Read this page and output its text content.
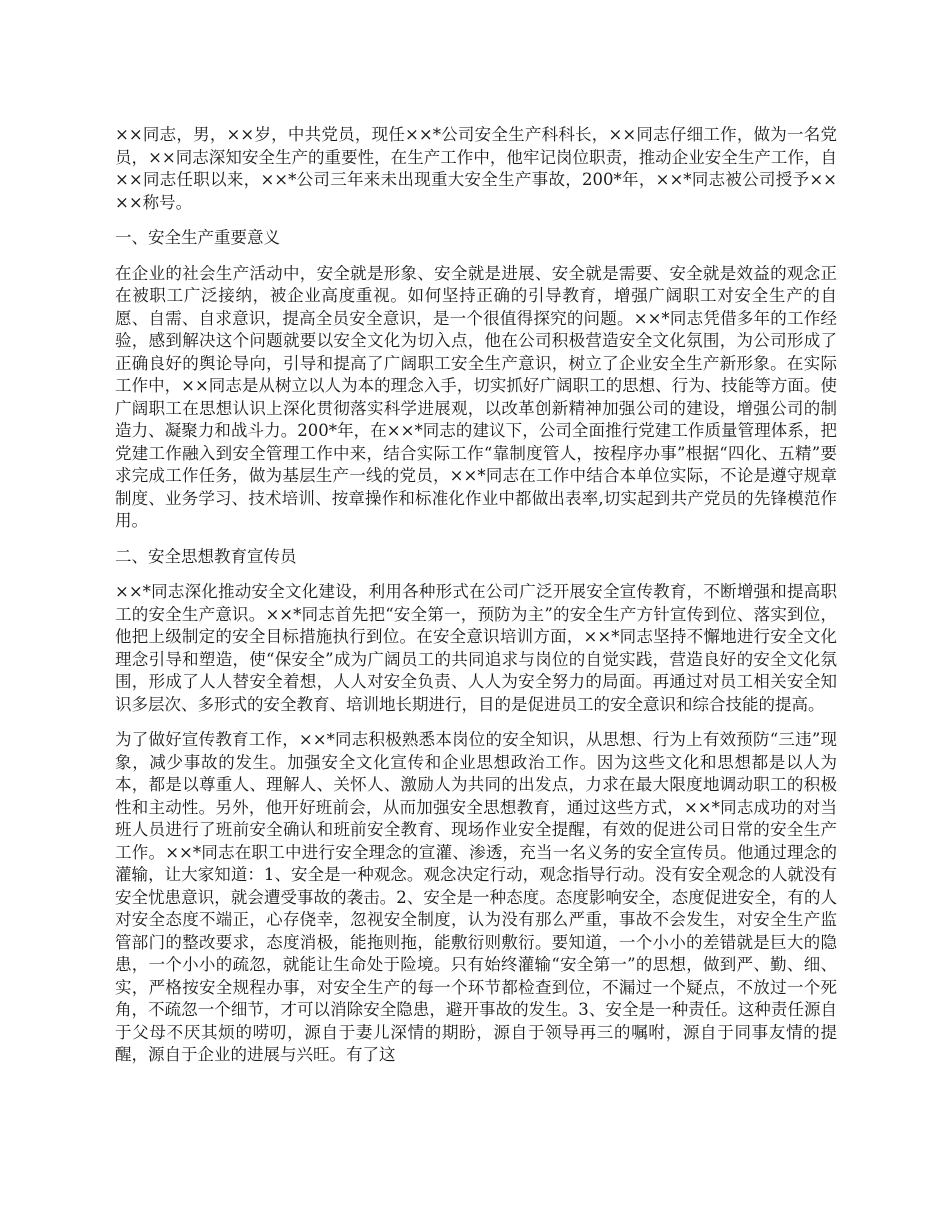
××同志，男，××岁，中共党员，现任××*公司安全生产科科长，××同志仔细工作，做为一名党员，××同志深知安全生产的重要性，在生产工作中，他牢记岗位职责，推动企业安全生产工作，自××同志任职以来，××*公司三年来未出现重大安全生产事故，200*年，××*同志被公司授予××××称号。

一、安全生产重要意义

在企业的社会生产活动中，安全就是形象、安全就是进展、安全就是需要、安全就是效益的观念正在被职工广泛接纳，被企业高度重视。如何坚持正确的引导教育，增强广阔职工对安全生产的自愿、自需、自求意识，提高全员安全意识，是一个很值得探究的问题。××*同志凭借多年的工作经验，感到解决这个问题就要以安全文化为切入点，他在公司积极营造安全文化氛围，为公司形成了正确良好的舆论导向，引导和提高了广阔职工安全生产意识，树立了企业安全生产新形象。在实际工作中，××同志是从树立以人为本的理念入手，切实抓好广阔职工的思想、行为、技能等方面。使广阔职工在思想认识上深化贯彻落实科学进展观，以改革创新精神加强公司的建设，增强公司的制造力、凝聚力和战斗力。200*年，在××*同志的建议下，公司全面推行党建工作质量管理体系，把党建工作融入到安全管理工作中来，结合实际工作“靠制度管人，按程序办事”根据“四化、五精”要求完成工作任务，做为基层生产一线的党员，××*同志在工作中结合本单位实际，不论是遵守规章制度、业务学习、技术培训、按章操作和标准化作业中都做出表率,切实起到共产党员的先锋模范作用。

二、安全思想教育宣传员

××*同志深化推动安全文化建设，利用各种形式在公司广泛开展安全宣传教育，不断增强和提高职工的安全生产意识。××*同志首先把“安全第一，预防为主”的安全生产方针宣传到位、落实到位，他把上级制定的安全目标措施执行到位。在安全意识培训方面，××*同志坚持不懈地进行安全文化理念引导和塑造，使“保安全”成为广阔员工的共同追求与岗位的自觉实践，营造良好的安全文化氛围，形成了人人替安全着想，人人对安全负责、人人为安全努力的局面。再通过对员工相关安全知识多层次、多形式的安全教育、培训地长期进行，目的是促进员工的安全意识和综合技能的提高。

为了做好宣传教育工作，××*同志积极熟悉本岗位的安全知识，从思想、行为上有效预防“三违”现象，减少事故的发生。加强安全文化宣传和企业思想政治工作。因为这些文化和思想都是以人为本，都是以尊重人、理解人、关怀人、激励人为共同的出发点，力求在最大限度地调动职工的积极性和主动性。另外，他开好班前会，从而加强安全思想教育，通过这些方式，××*同志成功的对当班人员进行了班前安全确认和班前安全教育、现场作业安全提醒，有效的促进公司日常的安全生产工作。××*同志在职工中进行安全理念的宣灌、渗透，充当一名义务的安全宣传员。他通过理念的灌输，让大家知道：1、安全是一种观念。观念决定行动，观念指导行动。没有安全观念的人就没有安全忧患意识，就会遭受事故的袭击。2、安全是一种态度。态度影响安全，态度促进安全，有的人对安全态度不端正，心存侥幸，忽视安全制度，认为没有那么严重，事故不会发生，对安全生产监管部门的整改要求，态度消极，能拖则拖，能敷衍则敷衍。要知道，一个小小的差错就是巨大的隐患，一个小小的疏忽，就能让生命处于险境。只有始终灌输“安全第一”的思想，做到严、勤、细、实，严格按安全规程办事，对安全生产的每一个环节都检查到位，不漏过一个疑点，不放过一个死角，不疏忽一个细节，才可以消除安全隐患，避开事故的发生。3、安全是一种责任。这种责任源自于父母不厌其烦的唠叨，源自于妻儿深情的期盼，源自于领导再三的嘱咐，源自于同事友情的提醒，源自于企业的进展与兴旺。有了这
